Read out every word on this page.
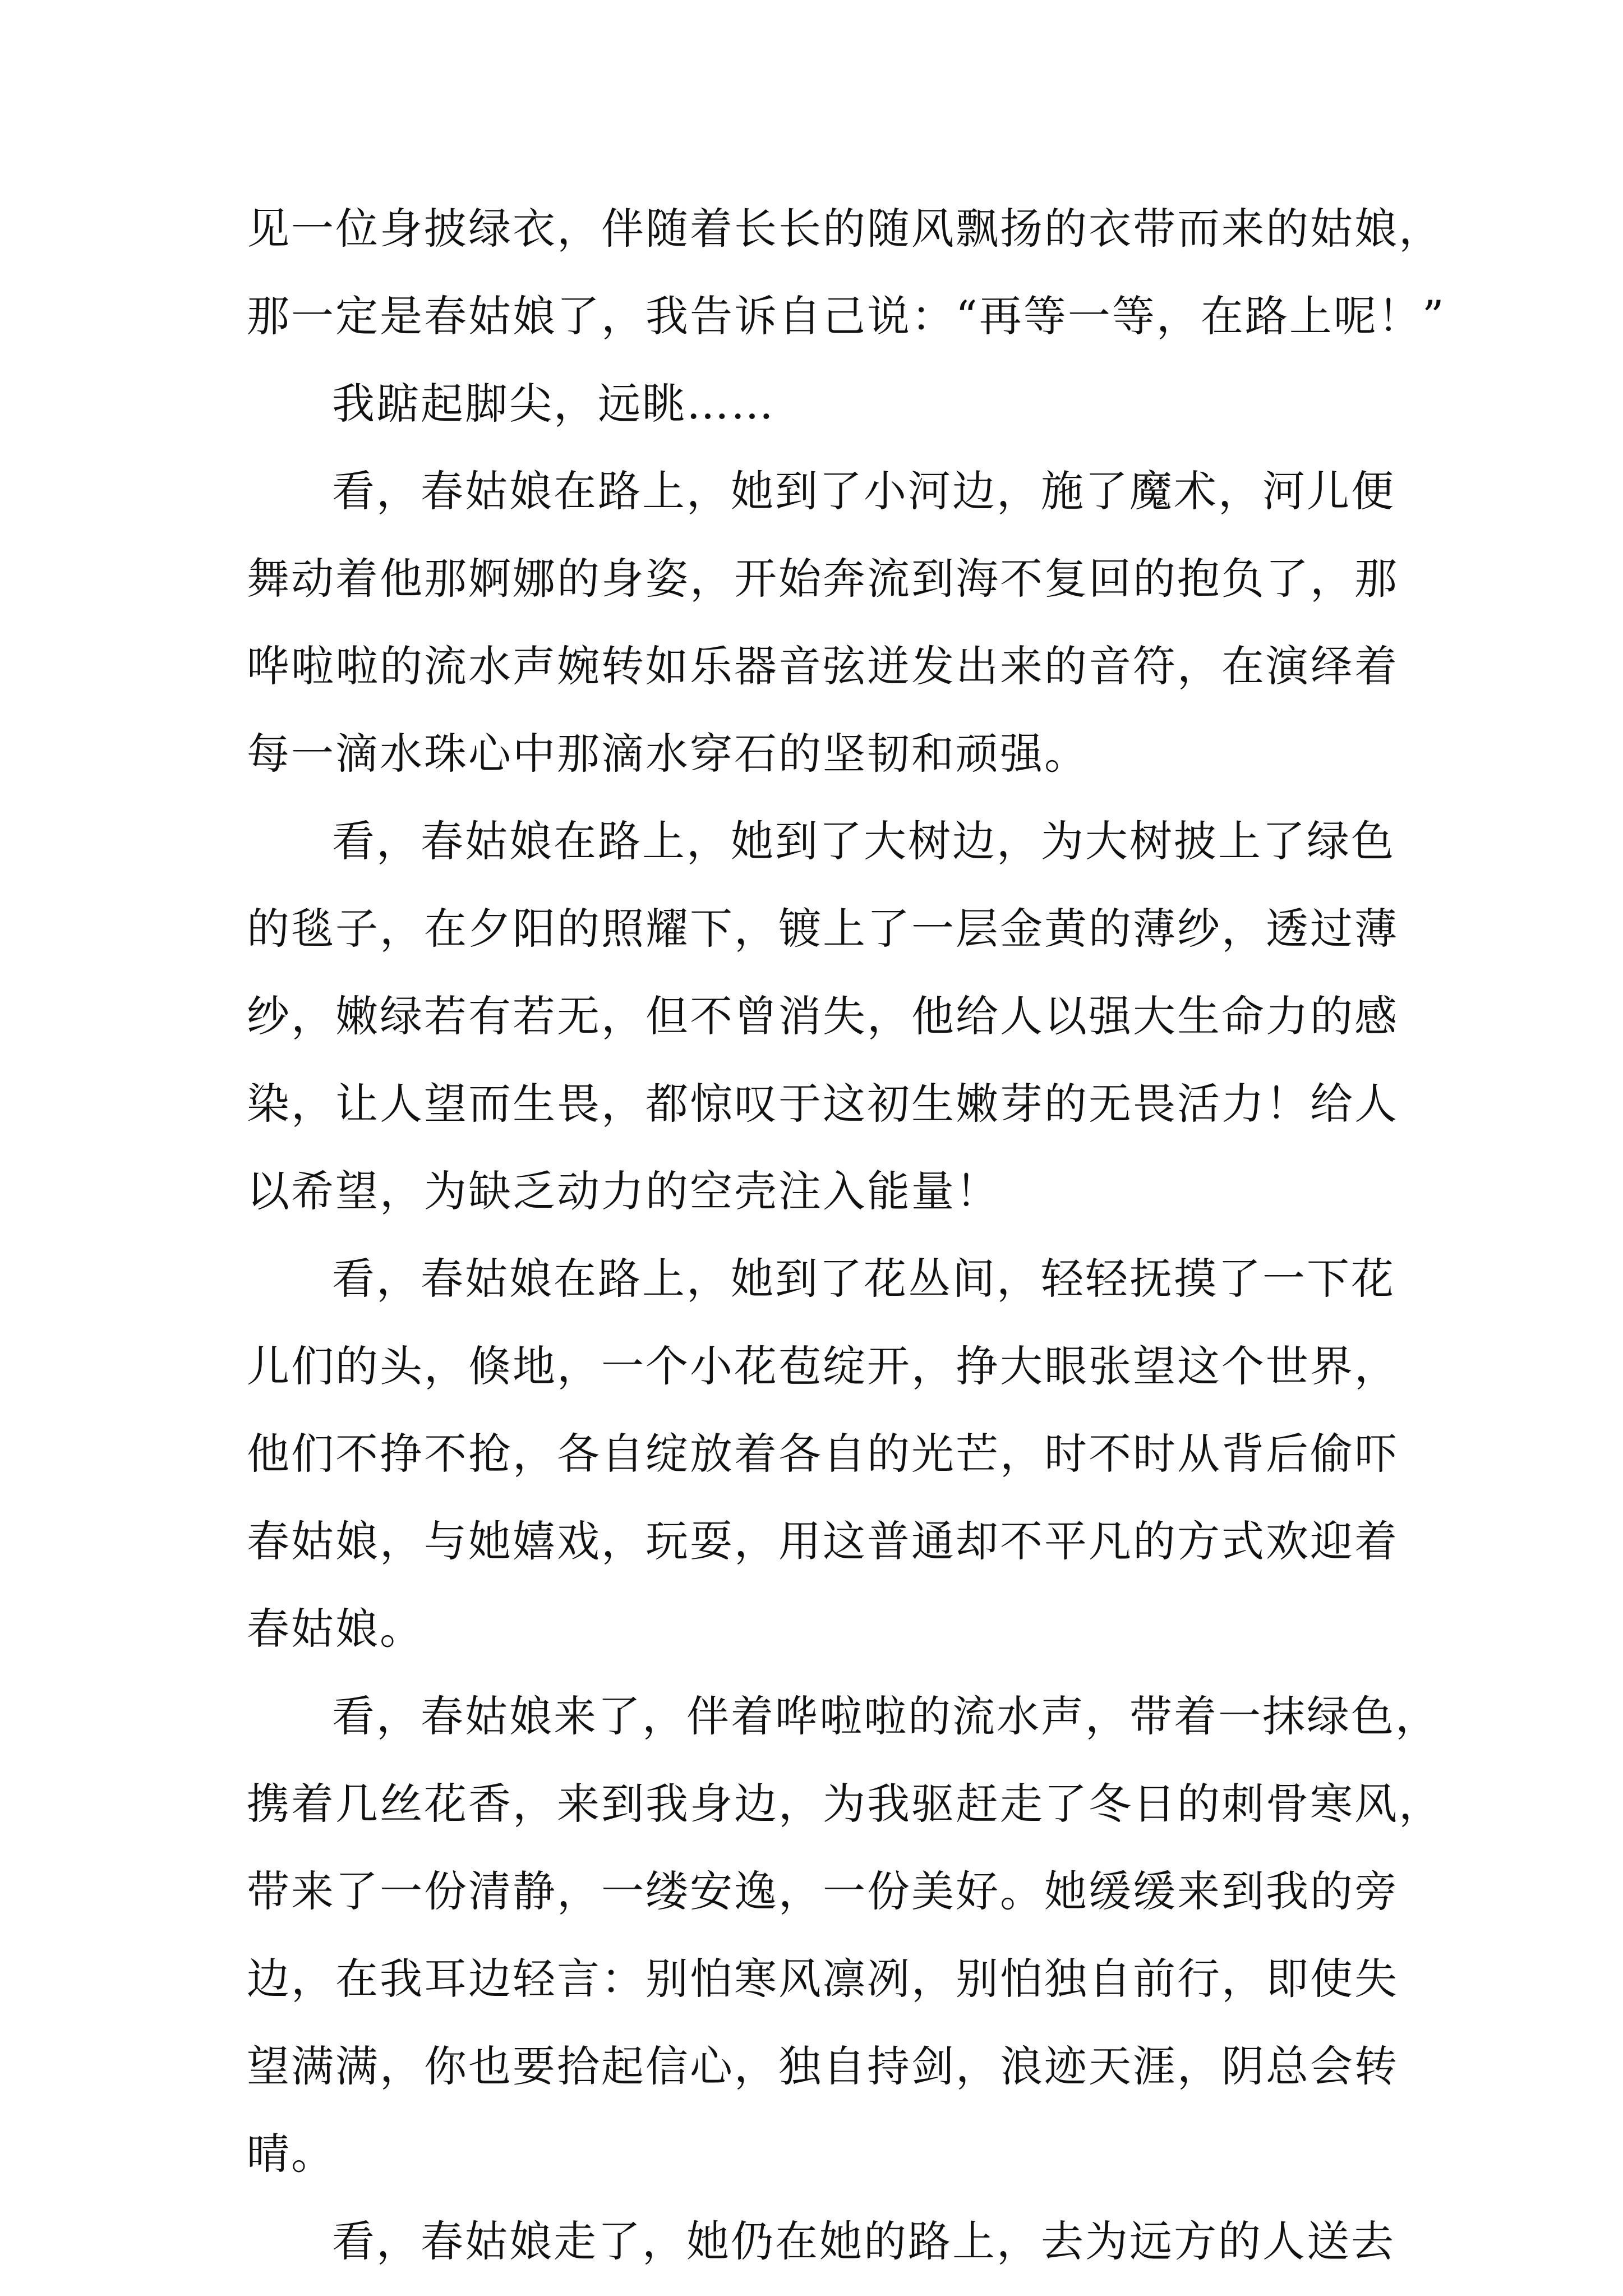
见一位身披绿衣，伴随着长长的随风飘扬的衣带而来的姑娘，
那一定是春姑娘了，我告诉自己说：“再等一等，在路上呢！”
我踮起脚尖，远眺……
看，春姑娘在路上，她到了小河边，施了魔术，河儿便
舞动着他那婀娜的身姿，开始奔流到海不复回的抱负了，那
哗啦啦的流水声婉转如乐器音弦迸发出来的音符，在演绎着
每一滴水珠心中那滴水穿石的坚韧和顽强。
看，春姑娘在路上，她到了大树边，为大树披上了绿色
的毯子，在夕阳的照耀下，镀上了一层金黄的薄纱，透过薄
纱，嫩绿若有若无，但不曾消失，他给人以强大生命力的感
染，让人望而生畏，都惊叹于这初生嫩芽的无畏活力！给人
以希望，为缺乏动力的空壳注入能量！
看，春姑娘在路上，她到了花丛间，轻轻抚摸了一下花
儿们的头，倏地，一个小花苞绽开，挣大眼张望这个世界，
他们不挣不抢，各自绽放着各自的光芒，时不时从背后偷吓
春姑娘，与她嬉戏，玩耍，用这普通却不平凡的方式欢迎着
春姑娘。
看，春姑娘来了，伴着哗啦啦的流水声，带着一抹绿色，
携着几丝花香，来到我身边，为我驱赶走了冬日的刺骨寒风，
带来了一份清静，一缕安逸，一份美好。她缓缓来到我的旁
边，在我耳边轻言：别怕寒风凛冽，别怕独自前行，即使失
望满满，你也要拾起信心，独自持剑，浪迹天涯，阴总会转
晴。
看，春姑娘走了，她仍在她的路上，去为远方的人送去
